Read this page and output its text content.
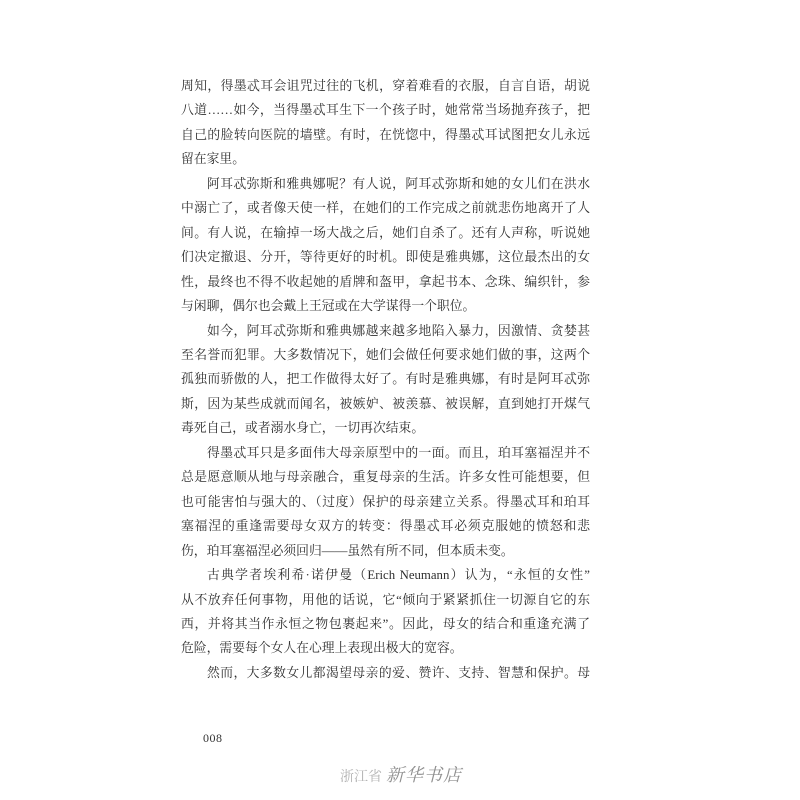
周知，得墨忒耳会诅咒过往的飞机，穿着难看的衣服，自言自语，胡说
八道……如今，当得墨忒耳生下一个孩子时，她常常当场抛弃孩子，把
自己的脸转向医院的墙壁。有时，在恍惚中，得墨忒耳试图把女儿永远
留在家里。
阿耳忒弥斯和雅典娜呢？有人说，阿耳忒弥斯和她的女儿们在洪水
中溺亡了，或者像天使一样，在她们的工作完成之前就悲伤地离开了人
间。有人说，在输掉一场大战之后，她们自杀了。还有人声称，听说她
们决定撤退、分开，等待更好的时机。即使是雅典娜，这位最杰出的女
性，最终也不得不收起她的盾牌和盔甲，拿起书本、念珠、编织针，参
与闲聊，偶尔也会戴上王冠或在大学谋得一个职位。
如今，阿耳忒弥斯和雅典娜越来越多地陷入暴力，因激情、贪婪甚
至名誉而犯罪。大多数情况下，她们会做任何要求她们做的事，这两个
孤独而骄傲的人，把工作做得太好了。有时是雅典娜，有时是阿耳忒弥
斯，因为某些成就而闻名，被嫉妒、被羡慕、被误解，直到她打开煤气
毒死自己，或者溺水身亡，一切再次结束。
得墨忒耳只是多面伟大母亲原型中的一面。而且，珀耳塞福涅并不
总是愿意顺从地与母亲融合，重复母亲的生活。许多女性可能想要，但
也可能害怕与强大的、（过度）保护的母亲建立关系。得墨忒耳和珀耳
塞福涅的重逢需要母女双方的转变：得墨忒耳必须克服她的愤怒和悲
伤，珀耳塞福涅必须回归——虽然有所不同，但本质未变。
古典学者埃利希·诺伊曼（Erich Neumann）认为，“永恒的女性”
从不放弃任何事物，用他的话说，它“倾向于紧紧抓住一切源自它的东
西，并将其当作永恒之物包裹起来”。因此，母女的结合和重逢充满了
危险，需要每个女人在心理上表现出极大的宽容。
然而，大多数女儿都渴望母亲的爱、赞许、支持、智慧和保护。母
008
浙江省 新华书店
